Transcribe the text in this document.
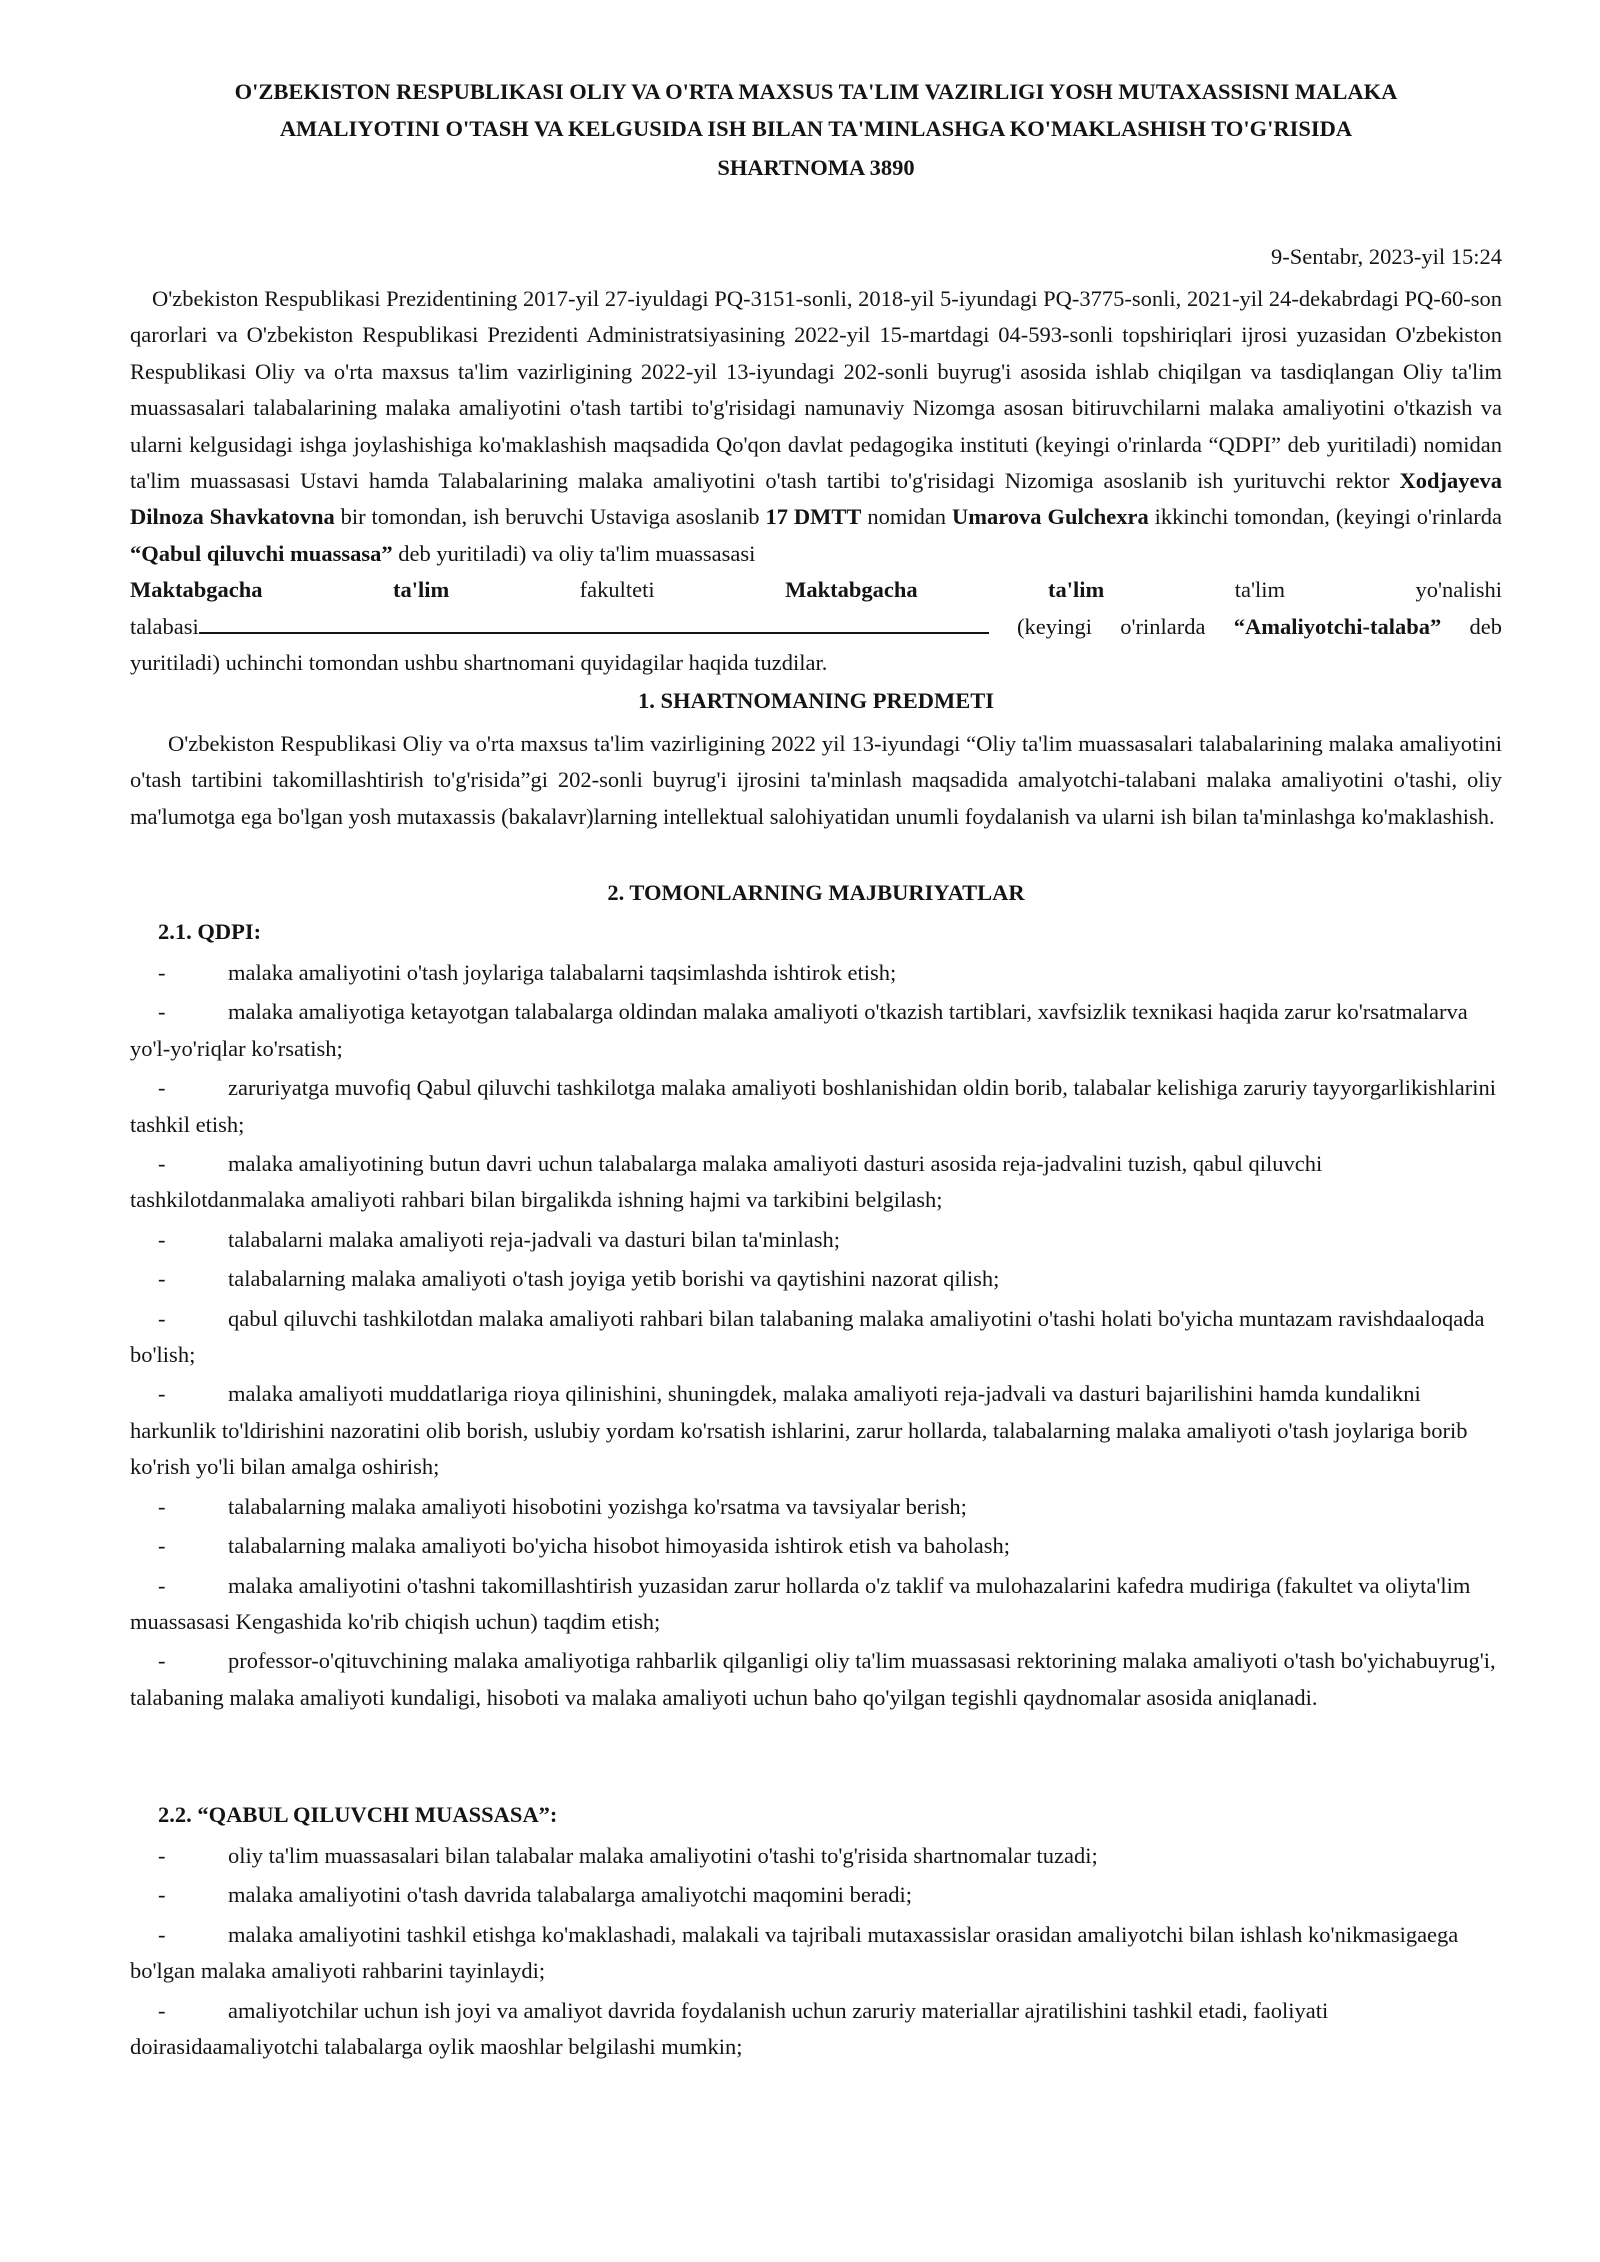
O'ZBEKISTON RESPUBLIKASI OLIY VA O'RTA MAXSUS TA'LIM VAZIRLIGI YOSH MUTAXASSISNI MALAKA
AMALIYOTINI O'TASH VA KELGUSIDA ISH BILAN TA'MINLASHGA KO'MAKLASHISH TO'G'RISIDA
SHARTNOMA 3890
9-Sentabr, 2023-yil 15:24
O'zbekiston Respublikasi Prezidentining 2017-yil 27-iyuldagi PQ-3151-sonli, 2018-yil 5-iyundagi PQ-3775-sonli, 2021-yil 24-dekabrdagi PQ-60-son qarorlari va O'zbekiston Respublikasi Prezidenti Administratsiyasining 2022-yil 15-martdagi 04-593-sonli topshiriqlari ijrosi yuzasidan O'zbekiston Respublikasi Oliy va o'rta maxsus ta'lim vazirligining 2022-yil 13-iyundagi 202-sonli buyrug'i asosida ishlab chiqilgan va tasdiqlangan Oliy ta'lim muassasalari talabalarining malaka amaliyotini o'tash tartibi to'g'risidagi namunaviy Nizomga asosan bitiruvchilarni malaka amaliyotini o'tkazish va ularni kelgusidagi ishga joylashishiga ko'maklashish maqsadida Qo'qon davlat pedagogika instituti (keyingi o'rinlarda “QDPI” deb yuritiladi) nomidan ta'lim muassasasi Ustavi hamda Talabalarining malaka amaliyotini o'tash tartibi to'g'risidagi Nizomiga asoslanib ish yurituvchi rektor Xodjayeva Dilnoza Shavkatovna bir tomondan, ish beruvchi Ustaviga asoslanib 17 DMTT nomidan Umarova Gulchexra ikkinchi tomondan, (keyingi o'rinlarda “Qabul qiluvchi muassasa” deb yuritiladi) va oliy ta'lim muassasasi
Maktabgacha ta'lim	fakulteti	Maktabgacha ta'lim	ta'lim yo'nalishi
talabasi	(keyingi o'rinlarda “Amaliyotchi-talaba” deb
yuritiladi) uchinchi tomondan ushbu shartnomani quyidagilar haqida tuzdilar.
1. SHARTNOMANING PREDMETI
O'zbekiston Respublikasi Oliy va o'rta maxsus ta'lim vazirligining 2022 yil 13-iyundagi “Oliy ta'lim muassasalari talabalarining malaka amaliyotini o'tash tartibini takomillashtirish to'g'risida”gi 202-sonli buyrug'i ijrosini ta'minlash maqsadida amalyotchi-talabani malaka amaliyotini o'tashi, oliy ma'lumotga ega bo'lgan yosh mutaxassis (bakalavr)larning intellektual salohiyatidan unumli foydalanish va ularni ish bilan ta'minlashga ko'maklashish.
2. TOMONLARNING MAJBURIYATLAR
2.1. QDPI:
-	malaka amaliyotini o'tash joylariga talabalarni taqsimlashda ishtirok etish;
-	malaka amaliyotiga ketayotgan talabalarga oldindan malaka amaliyoti o'tkazish tartiblari, xavfsizlik texnikasi haqida zarur ko'rsatmalarva yo'l-yo'riqlar ko'rsatish;
-	zaruriyatga muvofiq Qabul qiluvchi tashkilotga malaka amaliyoti boshlanishidan oldin borib, talabalar kelishiga zaruriy tayyorgarlikishlarini tashkil etish;
-	malaka amaliyotining butun davri uchun talabalarga malaka amaliyoti dasturi asosida reja-jadvalini tuzish, qabul qiluvchi tashkilotdanmalaka amaliyoti rahbari bilan birgalikda ishning hajmi va tarkibini belgilash;
-	talabalarni malaka amaliyoti reja-jadvali va dasturi bilan ta'minlash;
-	talabalarning malaka amaliyoti o'tash joyiga yetib borishi va qaytishini nazorat qilish;
-	qabul qiluvchi tashkilotdan malaka amaliyoti rahbari bilan talabaning malaka amaliyotini o'tashi holati bo'yicha muntazam ravishdaaloqada bo'lish;
-	malaka amaliyoti muddatlariga rioya qilinishini, shuningdek, malaka amaliyoti reja-jadvali va dasturi bajarilishini hamda kundalikni harkunlik to'ldirishini nazoratini olib borish, uslubiy yordam ko'rsatish ishlarini, zarur hollarda, talabalarning malaka amaliyoti o'tash joylariga borib ko'rish yo'li bilan amalga oshirish;
-	talabalarning malaka amaliyoti hisobotini yozishga ko'rsatma va tavsiyalar berish;
-	talabalarning malaka amaliyoti bo'yicha hisobot himoyasida ishtirok etish va baholash;
-	malaka amaliyotini o'tashni takomillashtirish yuzasidan zarur hollarda o'z taklif va mulohazalarini kafedra mudiriga (fakultet va oliyta'lim muassasasi Kengashida ko'rib chiqish uchun) taqdim etish;
-	professor-o'qituvchining malaka amaliyotiga rahbarlik qilganligi oliy ta'lim muassasasi rektorining malaka amaliyoti o'tash bo'yichabuyrug'i, talabaning malaka amaliyoti kundaligi, hisoboti va malaka amaliyoti uchun baho qo'yilgan tegishli qaydnomalar asosida aniqlanadi.
2.2. “QABUL QILUVCHI MUASSASA”:
-	oliy ta'lim muassasalari bilan talabalar malaka amaliyotini o'tashi to'g'risida shartnomalar tuzadi;
-	malaka amaliyotini o'tash davrida talabalarga amaliyotchi maqomini beradi;
-	malaka amaliyotini tashkil etishga ko'maklashadi, malakali va tajribali mutaxassislar orasidan amaliyotchi bilan ishlash ko'nikmasigaega bo'lgan malaka amaliyoti rahbarini tayinlaydi;
-	amaliyotchilar uchun ish joyi va amaliyot davrida foydalanish uchun zaruriy materiallar ajratilishini tashkil etadi, faoliyati doirasidaamaliyotchi talabalarga oylik maoshlar belgilashi mumkin;
